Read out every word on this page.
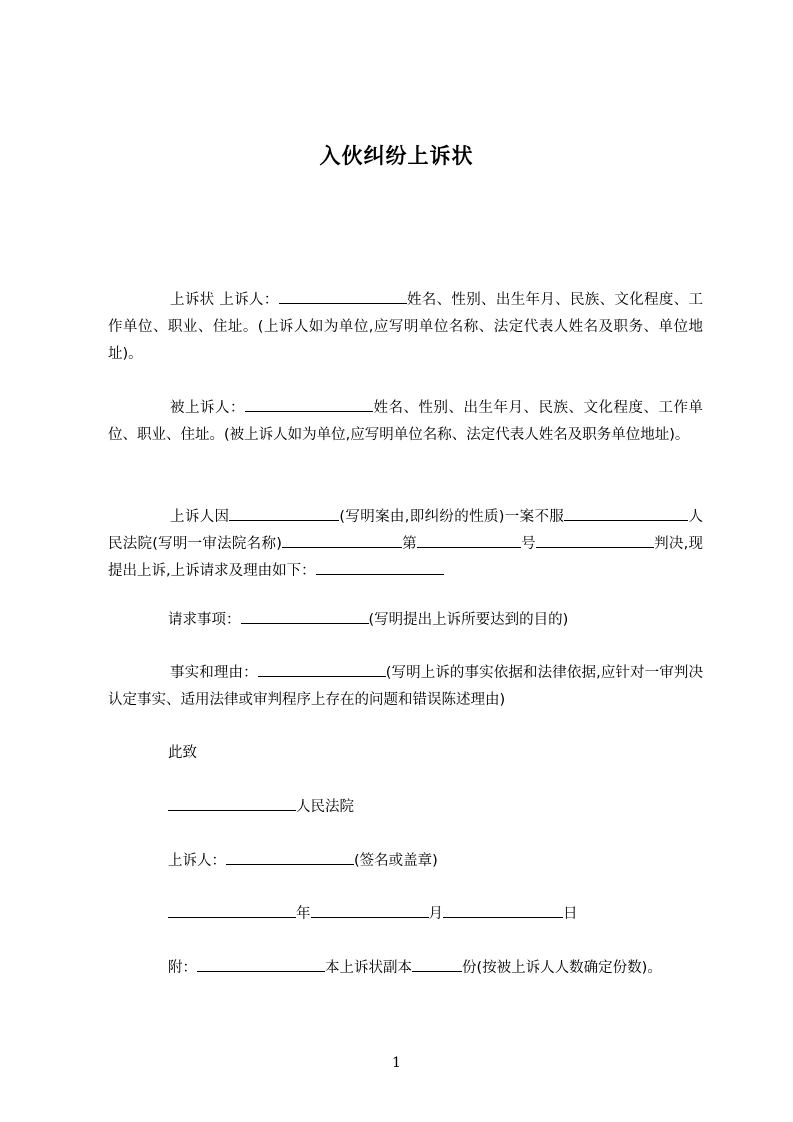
入伙纠纷上诉状
上诉状 上诉人：	姓名、性别、出生年月、民族、文化程度、工作单位、职业、住址。(上诉人如为单位,应写明单位名称、法定代表人姓名及职务、单位地址)。
被上诉人：	姓名、性别、出生年月、民族、文化程度、工作单位、职业、住址。(被上诉人如为单位,应写明单位名称、法定代表人姓名及职务单位地址)。
上诉人因	(写明案由,即纠纷的性质)一案不服	人民法院(写明一审法院名称)	第	号	判决,现提出上诉,上诉请求及理由如下：
请求事项：	(写明提出上诉所要达到的目的)
事实和理由：	(写明上诉的事实依据和法律依据,应针对一审判决认定事实、适用法律或审判程序上存在的问题和错误陈述理由)
此致
人民法院
上诉人：	(签名或盖章)
年	月	日
附：	本上诉状副本	份(按被上诉人人数确定份数)。
1
